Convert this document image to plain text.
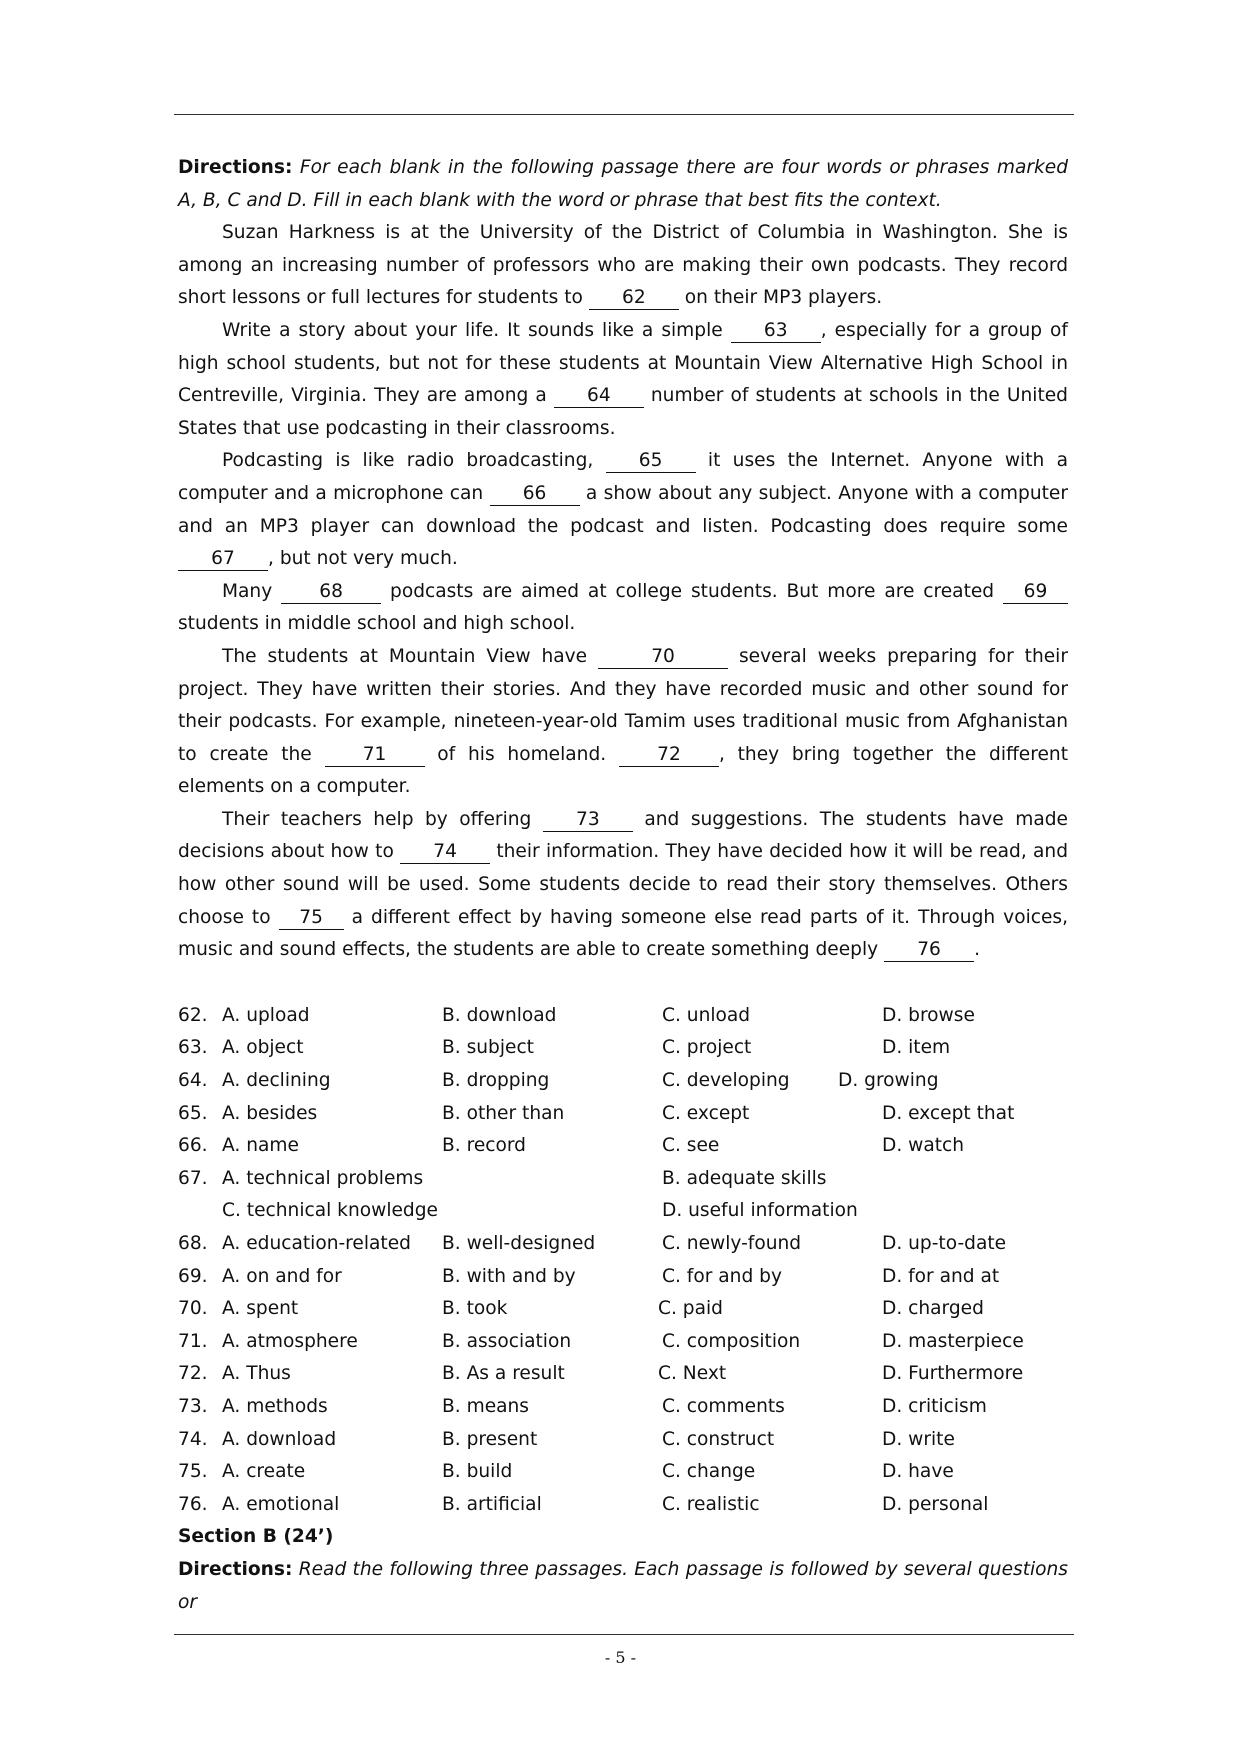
Directions: For each blank in the following passage there are four words or phrases marked A, B, C and D. Fill in each blank with the word or phrase that best fits the context.

Suzan Harkness is at the University of the District of Columbia in Washington. She is among an increasing number of professors who are making their own podcasts. They record short lessons or full lectures for students to 62 on their MP3 players.

Write a story about your life. It sounds like a simple 63 , especially for a group of high school students, but not for these students at Mountain View Alternative High School in Centreville, Virginia. They are among a 64 number of students at schools in the United States that use podcasting in their classrooms.

Podcasting is like radio broadcasting, 65 it uses the Internet. Anyone with a computer and a microphone can 66 a show about any subject. Anyone with a computer and an MP3 player can download the podcast and listen. Podcasting does require some 67 , but not very much.

Many 68 podcasts are aimed at college students. But more are created 69 students in middle school and high school.

The students at Mountain View have	70	several weeks preparing for their project. They have written their stories. And they have recorded music and other sound for their podcasts. For example, nineteen-year-old Tamim uses traditional music from Afghanistan to create the 71 of his homeland. 72 , they bring together the different elements on a computer.

Their teachers help by offering 73 and suggestions. The students have made decisions about how to 74 their information. They have decided how it will be read, and how other sound will be used. Some students decide to read their story themselves. Others choose to 75 a different effect by having someone else read parts of it. Through voices, music and sound effects, the students are able to create something deeply 76 .

62. A. upload	B. download	C. unload	D. browse
63. A. object	B. subject	C. project	D. item
64. A. declining	B. dropping	C. developing	D. growing
65. A. besides	B. other than	C. except	D. except that
66. A. name	B. record	C. see	D. watch
67. A. technical problems	B. adequate skills
C. technical knowledge	D. useful information
68. A. education-related B. well-designed	C. newly-found	D. up-to-date
69. A. on and for	B. with and by	C. for and by	D. for and at
70. A. spent	B. took	C. paid	D. charged
71. A. atmosphere	B. association	C. composition	D. masterpiece
72. A. Thus	B. As a result	C. Next	D. Furthermore
73. A. methods	B. means	C. comments	D. criticism
74. A. download	B. present	C. construct	D. write
75. A. create	B. build	C. change	D. have
76. A. emotional	B. artificial	C. realistic	D. personal

Section B (24’)

Directions: Read the following three passages. Each passage is followed by several questions or

- 5 -
